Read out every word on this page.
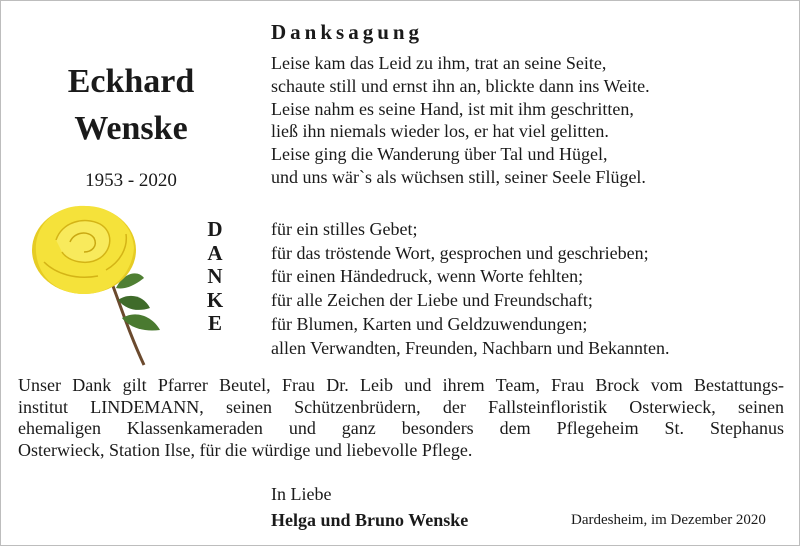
Danksagung
Eckhard
Wenske
1953 - 2020
Leise kam das Leid zu ihm, trat an seine Seite,
schaute still und ernst ihn an, blickte dann ins Weite.
Leise nahm es seine Hand, ist mit ihm geschritten,
ließ ihn niemals wieder los, er hat viel gelitten.
Leise ging die Wanderung über Tal und Hügel,
und uns wär`s als wüchsen still, seiner Seele Flügel.
D
A
N
K
E
für ein stilles Gebet;
für das tröstende Wort, gesprochen und geschrieben;
für einen Händedruck, wenn Worte fehlten;
für alle Zeichen der Liebe und Freundschaft;
für Blumen, Karten und Geldzuwendungen;
allen Verwandten, Freunden, Nachbarn und Bekannten.
Unser Dank gilt Pfarrer Beutel, Frau Dr. Leib und ihrem Team, Frau Brock vom Bestattungs-
institut LINDEMANN, seinen Schützenbrüdern, der Fallsteinfloristik Osterwieck, seinen
ehemaligen Klassenkameraden und ganz besonders dem Pflegeheim St. Stephanus
Osterwieck, Station Ilse, für die würdige und liebevolle Pflege.
In Liebe
Helga und Bruno Wenske	Dardesheim, im Dezember 2020
